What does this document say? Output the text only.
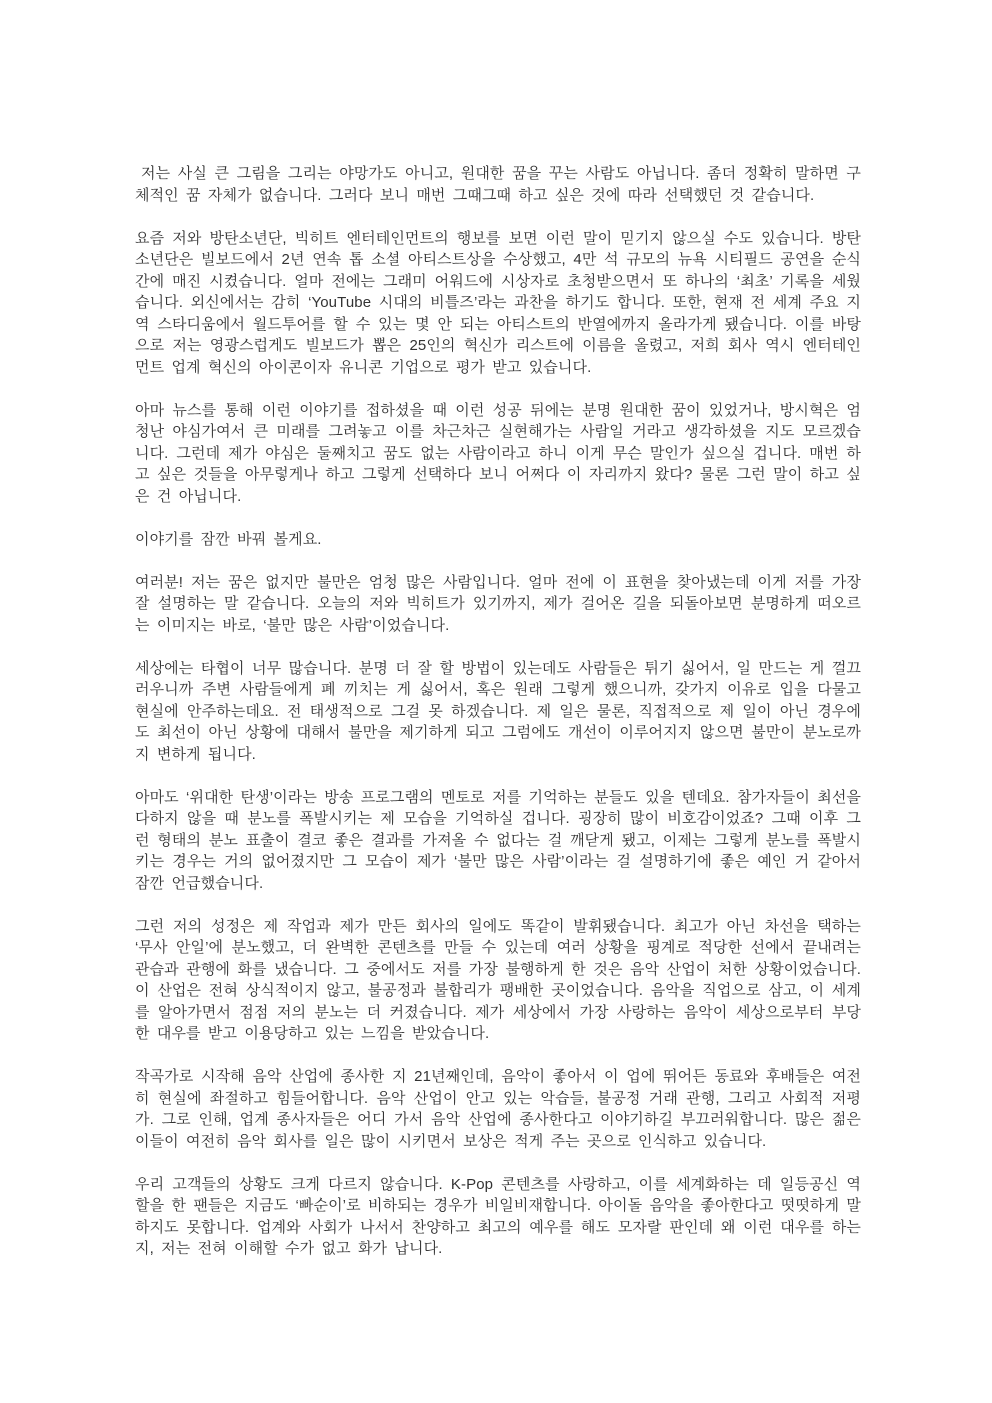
저는 사실 큰 그림을 그리는 야망가도 아니고, 원대한 꿈을 꾸는 사람도 아닙니다. 좀더 정확히 말하면 구체적인 꿈 자체가 없습니다. 그러다 보니 매번 그때그때 하고 싶은 것에 따라 선택했던 것 같습니다.

요즘 저와 방탄소년단, 빅히트 엔터테인먼트의 행보를 보면 이런 말이 믿기지 않으실 수도 있습니다. 방탄소년단은 빌보드에서 2년 연속 톱 소셜 아티스트상을 수상했고, 4만 석 규모의 뉴욕 시티필드 공연을 순식간에 매진 시켰습니다. 얼마 전에는 그래미 어워드에 시상자로 초청받으면서 또 하나의 ‘최초’ 기록을 세웠습니다. 외신에서는 감히 ‘YouTube 시대의 비틀즈’라는 과찬을 하기도 합니다. 또한, 현재 전 세계 주요 지역 스타디움에서 월드투어를 할 수 있는 몇 안 되는 아티스트의 반열에까지 올라가게 됐습니다. 이를 바탕으로 저는 영광스럽게도 빌보드가 뽑은 25인의 혁신가 리스트에 이름을 올렸고, 저희 회사 역시 엔터테인먼트 업계 혁신의 아이콘이자 유니콘 기업으로 평가 받고 있습니다.

아마 뉴스를 통해 이런 이야기를 접하셨을 때 이런 성공 뒤에는 분명 원대한 꿈이 있었거나, 방시혁은 엄청난 야심가여서 큰 미래를 그려놓고 이를 차근차근 실현해가는 사람일 거라고 생각하셨을 지도 모르겠습니다. 그런데 제가 야심은 둘째치고 꿈도 없는 사람이라고 하니 이게 무슨 말인가 싶으실 겁니다. 매번 하고 싶은 것들을 아무렇게나 하고 그렇게 선택하다 보니 어쩌다 이 자리까지 왔다? 물론 그런 말이 하고 싶은 건 아닙니다.

이야기를 잠깐 바꿔 볼게요.

여러분! 저는 꿈은 없지만 불만은 엄청 많은 사람입니다. 얼마 전에 이 표현을 찾아냈는데 이게 저를 가장 잘 설명하는 말 같습니다. 오늘의 저와 빅히트가 있기까지, 제가 걸어온 길을 되돌아보면 분명하게 떠오르는 이미지는 바로, ‘불만 많은 사람’이었습니다.

세상에는 타협이 너무 많습니다. 분명 더 잘 할 방법이 있는데도 사람들은 튀기 싫어서, 일 만드는 게 껄끄러우니까 주변 사람들에게 폐 끼치는 게 싫어서, 혹은 원래 그렇게 했으니까, 갖가지 이유로 입을 다물고 현실에 안주하는데요. 전 태생적으로 그걸 못 하겠습니다. 제 일은 물론, 직접적으로 제 일이 아닌 경우에도 최선이 아닌 상황에 대해서 불만을 제기하게 되고 그럼에도 개선이 이루어지지 않으면 불만이 분노로까지 변하게 됩니다.

아마도 ‘위대한 탄생’이라는 방송 프로그램의 멘토로 저를 기억하는 분들도 있을 텐데요. 참가자들이 최선을 다하지 않을 때 분노를 폭발시키는 제 모습을 기억하실 겁니다. 굉장히 많이 비호감이었죠? 그때 이후 그런 형태의 분노 표출이 결코 좋은 결과를 가져올 수 없다는 걸 깨닫게 됐고, 이제는 그렇게 분노를 폭발시키는 경우는 거의 없어졌지만 그 모습이 제가 ‘불만 많은 사람’이라는 걸 설명하기에 좋은 예인 거 같아서 잠깐 언급했습니다.

그런 저의 성정은 제 작업과 제가 만든 회사의 일에도 똑같이 발휘됐습니다. 최고가 아닌 차선을 택하는 ‘무사 안일’에 분노했고, 더 완벽한 콘텐츠를 만들 수 있는데 여러 상황을 핑계로 적당한 선에서 끝내려는 관습과 관행에 화를 냈습니다. 그 중에서도 저를 가장 불행하게 한 것은 음악 산업이 처한 상황이었습니다. 이 산업은 전혀 상식적이지 않고, 불공정과 불합리가 팽배한 곳이었습니다. 음악을 직업으로 삼고, 이 세계를 알아가면서 점점 저의 분노는 더 커졌습니다. 제가 세상에서 가장 사랑하는 음악이 세상으로부터 부당한 대우를 받고 이용당하고 있는 느낌을 받았습니다.

작곡가로 시작해 음악 산업에 종사한 지 21년째인데, 음악이 좋아서 이 업에 뛰어든 동료와 후배들은 여전히 현실에 좌절하고 힘들어합니다. 음악 산업이 안고 있는 악습들, 불공정 거래 관행, 그리고 사회적 저평가. 그로 인해, 업계 종사자들은 어디 가서 음악 산업에 종사한다고 이야기하길 부끄러워합니다. 많은 젊은이들이 여전히 음악 회사를 일은 많이 시키면서 보상은 적게 주는 곳으로 인식하고 있습니다.

우리 고객들의 상황도 크게 다르지 않습니다. K-Pop 콘텐츠를 사랑하고, 이를 세계화하는 데 일등공신 역할을 한 팬들은 지금도 ‘빠순이’로 비하되는 경우가 비일비재합니다. 아이돌 음악을 좋아한다고 떳떳하게 말하지도 못합니다. 업계와 사회가 나서서 찬양하고 최고의 예우를 해도 모자랄 판인데 왜 이런 대우를 하는 지, 저는 전혀 이해할 수가 없고 화가 납니다.
